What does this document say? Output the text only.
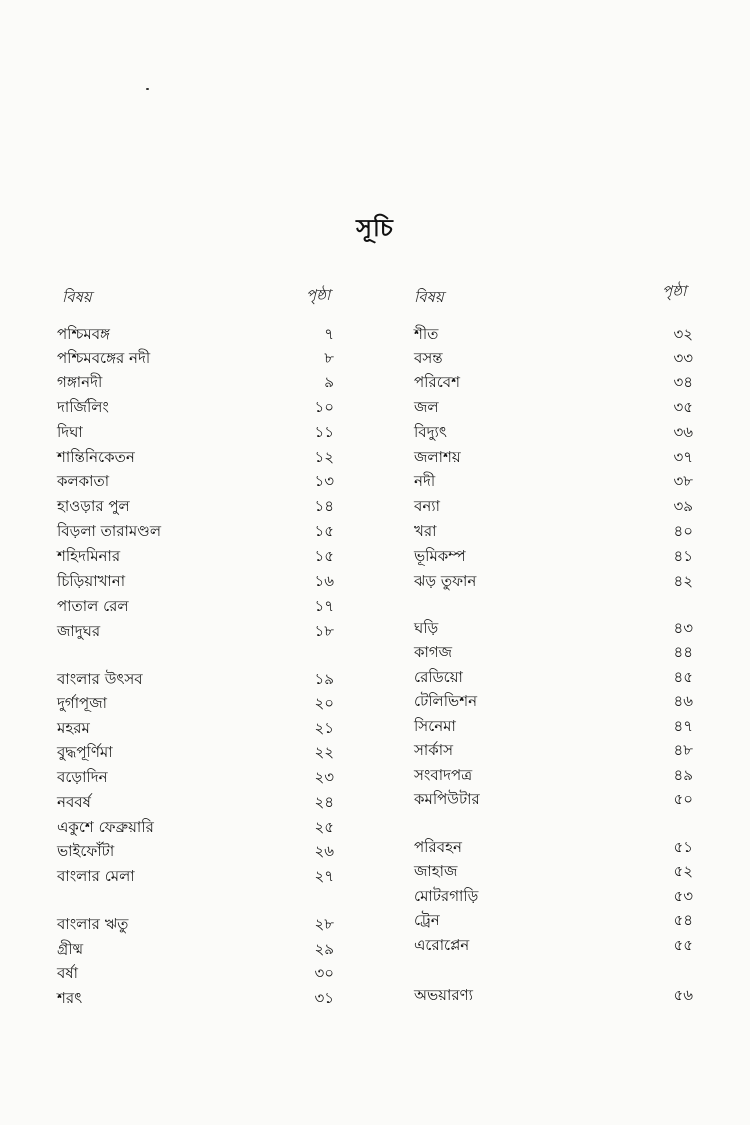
সূচি
বিষয়	পৃষ্ঠা	বিষয়	পৃষ্ঠা
পশ্চিমবঙ্গ	৭
পশ্চিমবঙ্গের নদী	৮
গঙ্গানদী	৯
দার্জিলিং	১০
দিঘা	১১
শান্তিনিকেতন	১২
কলকাতা	১৩
হাওড়ার পুল	১৪
বিড়লা তারামণ্ডল	১৫
শহিদমিনার	১৫
চিড়িয়াখানা	১৬
পাতাল রেল	১৭
জাদুঘর	১৮
বাংলার উৎসব	১৯
দুর্গাপূজা	২০
মহরম	২১
বুদ্ধপূর্ণিমা	২২
বড়োদিন	২৩
নববর্ষ	২৪
একুশে ফেব্রুয়ারি	২৫
ভাইফোঁটা	২৬
বাংলার মেলা	২৭
বাংলার ঋতু	২৮
গ্রীষ্ম	২৯
বর্ষা	৩০
শরৎ	৩১
শীত	৩২
বসন্ত	৩৩
পরিবেশ	৩৪
জল	৩৫
বিদ্যুৎ	৩৬
জলাশয়	৩৭
নদী	৩৮
বন্যা	৩৯
খরা	৪০
ভূমিকম্প	৪১
ঝড় তুফান	৪২
ঘড়ি	৪৩
কাগজ	৪৪
রেডিয়ো	৪৫
টেলিভিশন	৪৬
সিনেমা	৪৭
সার্কাস	৪৮
সংবাদপত্র	৪৯
কমপিউটার	৫০
পরিবহন	৫১
জাহাজ	৫২
মোটরগাড়ি	৫৩
ট্রেন	৫৪
এরোপ্লেন	৫৫
অভয়ারণ্য	৫৬
